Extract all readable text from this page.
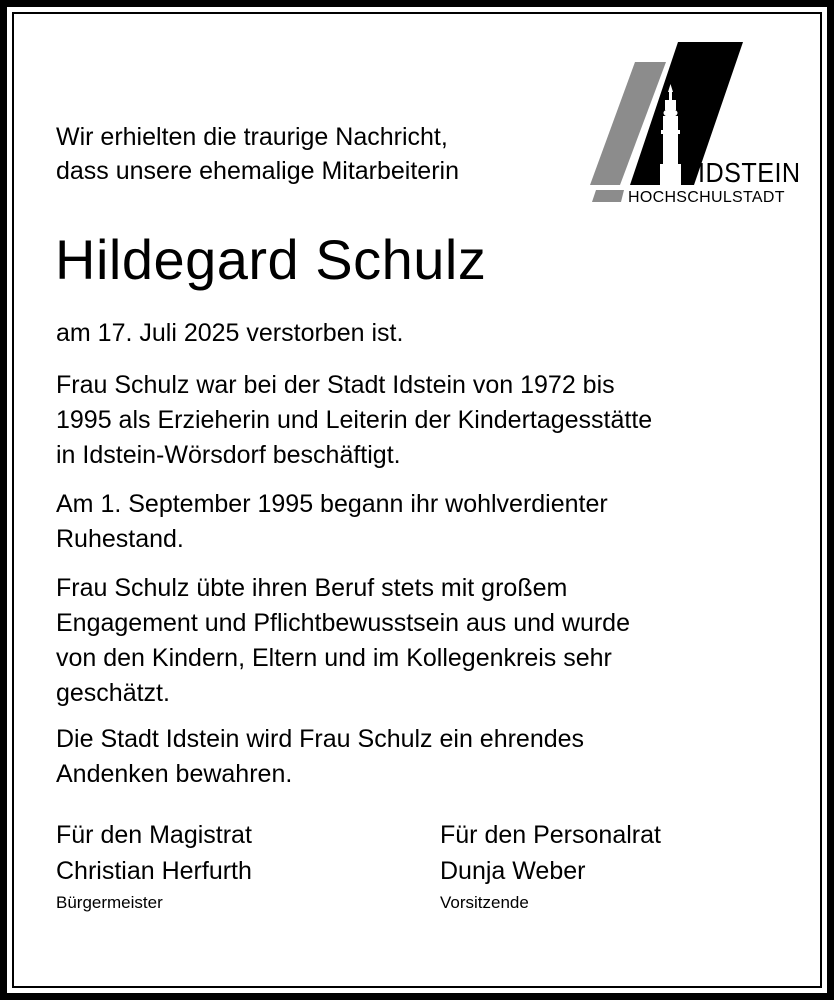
IDSTEIN
HOCHSCHULSTADT
Wir erhielten die traurige Nachricht,
dass unsere ehemalige Mitarbeiterin
Hildegard Schulz
am 17. Juli 2025 verstorben ist.
Frau Schulz war bei der Stadt Idstein von 1972 bis
1995 als Erzieherin und Leiterin der Kindertagesstätte
in Idstein-Wörsdorf beschäftigt.
Am 1. September 1995 begann ihr wohlverdienter
Ruhestand.
Frau Schulz übte ihren Beruf stets mit großem
Engagement und Pflichtbewusstsein aus und wurde
von den Kindern, Eltern und im Kollegenkreis sehr
geschätzt.
Die Stadt Idstein wird Frau Schulz ein ehrendes
Andenken bewahren.
Für den Magistrat
Christian Herfurth
Bürgermeister
Für den Personalrat
Dunja Weber
Vorsitzende
